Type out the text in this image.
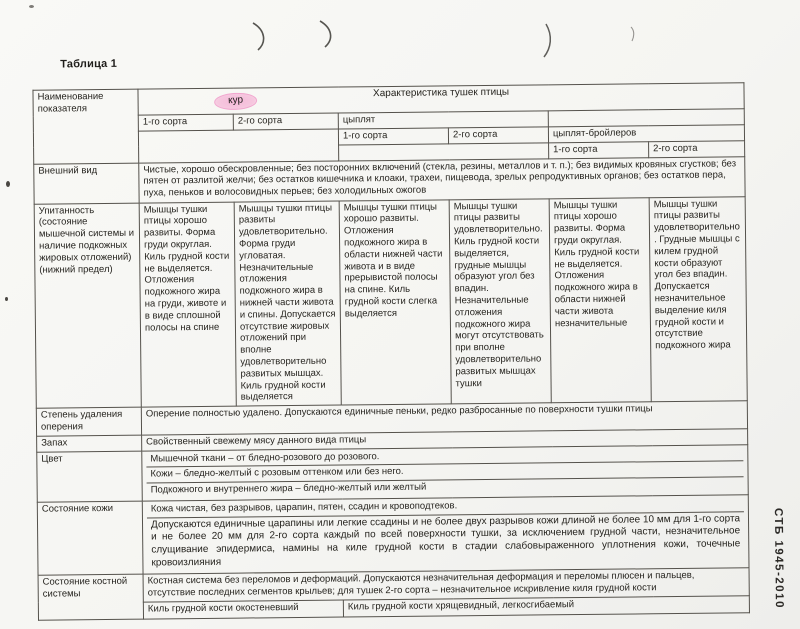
Таблица 1
Наименование показателя	кур
Характеристика тушек птицы					

	1-го сорта	2-го сорта	цыплят			
			1-го сорта	2-го сорта	цыплят-бройлеров	
					1-го сорта	2-го сорта
Внешний вид	Чистые, хорошо обескровленные; без посторонних включений (стекла, резины, металлов и т. п.); без видимых кровяных сгустков; без пятен от разлитой желчи; без остатков кишечника и клоаки, трахеи, пищевода, зрелых репродуктивных органов; без остатков пера, пуха, пеньков и волосовидных перьев; без холодильных ожогов					
Упитанность (состояние мышечной системы и наличие подкожных жировых отложений) (нижний предел)	Мышцы тушки птицы хорошо развиты. Форма груди округлая. Киль грудной кости не выделяется. Отложения подкожного жира на груди, животе и в виде сплошной полосы на спине	Мышцы тушки птицы развиты удовлетворительно. Форма груди угловатая. Незначительные отложения подкожного жира в нижней части живота и спины. Допускается отсутствие жировых отложений при вполне удовлетворительно развитых мышцах. Киль грудной кости выделяется	Мышцы тушки птицы хорошо развиты. Отложения подкожного жира в области нижней части живота и в виде прерывистой полосы на спине. Киль грудной кости слегка выделяется	Мышцы тушки птицы развиты удовлетворительно. Киль грудной кости выделяется, грудные мышцы образуют угол без впадин. Незначительные отложения подкожного жира могут отсутствовать при вполне удовлетворительно развитых мышцах тушки	Мышцы тушки птицы хорошо развиты. Форма груди округлая. Киль грудной кости не выделяется. Отложения подкожного жира в области нижней части живота незначительные	Мышцы тушки птицы развиты удовлетворительно. Грудные мышцы с килем грудной кости образуют угол без впадин. Допускается незначительное выделение киля грудной кости и отсутствие подкожного жира
Степень удаления оперения	Оперение полностью удалено. Допускаются единичные пеньки, редко разбросанные по поверхности тушки птицы					
Запах	Свойственный свежему мясу данного вида птицы					
Цвет	Мышечной ткани – от бледно-розового до розового.
Кожи – бледно-желтый с розовым оттенком или без него.
Подкожного и внутреннего жира – бледно-желтый или желтый					

Состояние кожи	Кожа чистая, без разрывов, царапин, пятен, ссадин и кровоподтеков.
Допускаются единичные царапины или легкие ссадины и не более двух разрывов кожи длиной не более 10 мм для 1-го сорта и не более 20 мм для 2-го сорта каждый по всей поверхности тушки, за исключением грудной части, незначительное слущивание эпидермиса, намины на киле грудной кости в стадии слабовыраженного уплотнения кожи, точечные кровоизлияния					

Состояние костной системы	Костная система без переломов и деформаций. Допускаются незначительная деформация и переломы плюсен и пальцев, отсутствие последних сегментов крыльев; для тушек 2-го сорта – незначительное искривление киля грудной кости					
	Киль грудной кости окостеневший		Киль грудной кости хрящевидный, легкосгибаемый				СТБ 1945-2010
